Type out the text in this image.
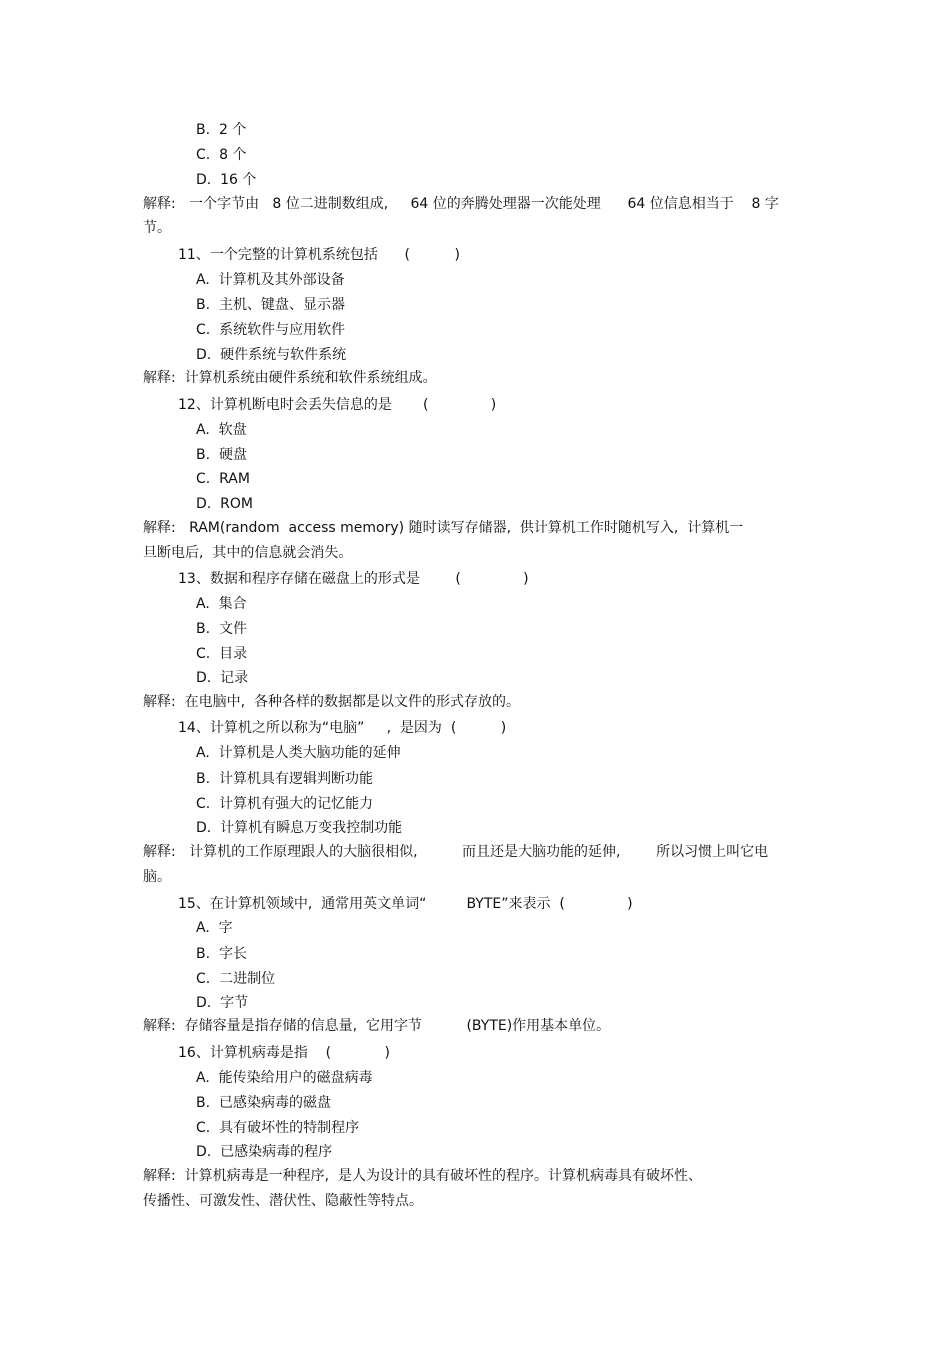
B.  2 个
C.  8 个
D.  16 个
解释:   一个字节由   8 位二进制数组成,     64 位的奔腾处理器一次能处理      64 位信息相当于    8 字
节。
11、一个完整的计算机系统包括      (          )
A.  计算机及其外部设备
B.  主机、键盘、显示器
C.  系统软件与应用软件
D.  硬件系统与软件系统
解释:  计算机系统由硬件系统和软件系统组成。
12、计算机断电时会丢失信息的是       (              )
A.  软盘
B.  硬盘
C.  RAM
D.  ROM
解释:   RAM(random  access memory) 随时读写存储器,  供计算机工作时随机写入,  计算机一
旦断电后,  其中的信息就会消失。
13、数据和程序存储在磁盘上的形式是        (              )
A.  集合
B.  文件
C.  目录
D.  记录
解释:  在电脑中,  各种各样的数据都是以文件的形式存放的。
14、计算机之所以称为“电脑”     ,  是因为  (          )
A.  计算机是人类大脑功能的延伸
B.  计算机具有逻辑判断功能
C.  计算机有强大的记忆能力
D.  计算机有瞬息万变我控制功能
解释:   计算机的工作原理跟人的大脑很相似,          而且还是大脑功能的延伸,        所以习惯上叫它电
脑。
15、在计算机领域中,  通常用英文单词“         BYTE”来表示  (              )
A.  字
B.  字长
C.  二进制位
D.  字节
解释:  存储容量是指存储的信息量,  它用字节          (BYTE)作用基本单位。
16、计算机病毒是指    (            )
A.  能传染给用户的磁盘病毒
B.  已感染病毒的磁盘
C.  具有破坏性的特制程序
D.  已感染病毒的程序
解释:  计算机病毒是一种程序,  是人为设计的具有破坏性的程序。计算机病毒具有破坏性、
传播性、可激发性、潜伏性、隐蔽性等特点。
